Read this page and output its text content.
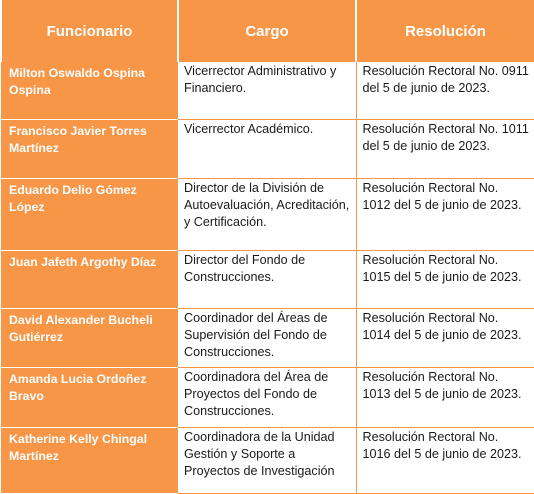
Funcionario	Cargo	Resolución
Milton Oswaldo Ospina Ospina	Vicerrector Administrativo y Financiero.	Resolución Rectoral No. 0911 del 5 de junio de 2023.
Francisco Javier Torres Martínez	Vicerrector Académico.	Resolución Rectoral No. 1011 del 5 de junio de 2023.
Eduardo Delio Gómez López	Director de la División de Autoevaluación, Acreditación, y Certificación.	Resolución Rectoral No. 1012 del 5 de junio de 2023.
Juan Jafeth Argothy Díaz	Director del Fondo de Construcciones.	Resolución Rectoral No. 1015 del 5 de junio de 2023.
David Alexander Bucheli Gutiérrez	Coordinador del Áreas de Supervisión del Fondo de Construcciones.	Resolución Rectoral No. 1014 del 5 de junio de 2023.
Amanda Lucia Ordoñez Bravo	Coordinadora del Área de Proyectos del Fondo de Construcciones.	Resolución Rectoral No. 1013 del 5 de junio de 2023.
Katherine Kelly Chingal Martínez	Coordinadora de la Unidad Gestión y Soporte a Proyectos de Investigación	Resolución Rectoral No. 1016 del 5 de junio de 2023.
